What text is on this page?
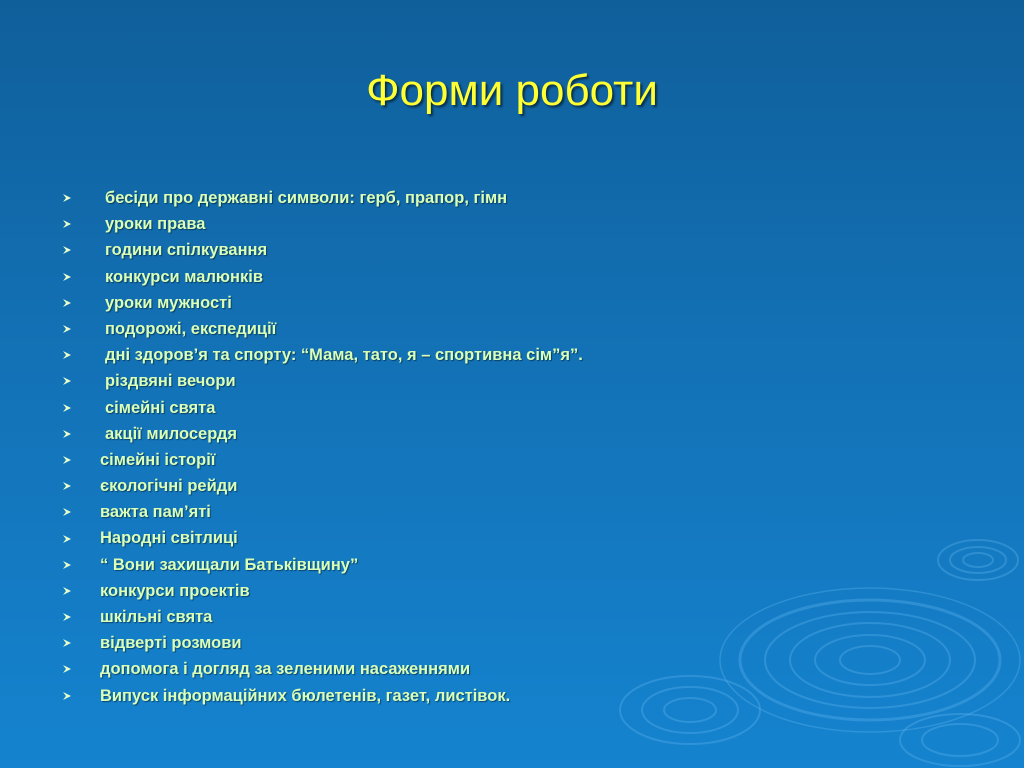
Форми роботи
бесіди про державні символи: герб, прапор, гімн
уроки права
години спілкування
конкурси малюнків
уроки мужності
подорожі, експедиції
дні здоров’я та спорту: “Мама, тато, я – спортивна сім”я”.
різдвяні вечори
сімейні свята
акції милосердя
сімейні історії
єкологічні рейди
важта пам’яті
Народні світлиці
“ Вони захищали Батьківщину”
конкурси проектів
шкільні свята
відверті розмови
допомога і догляд за зеленими насаженнями
Випуск інформаційних бюлетенів, газет, листівок.
